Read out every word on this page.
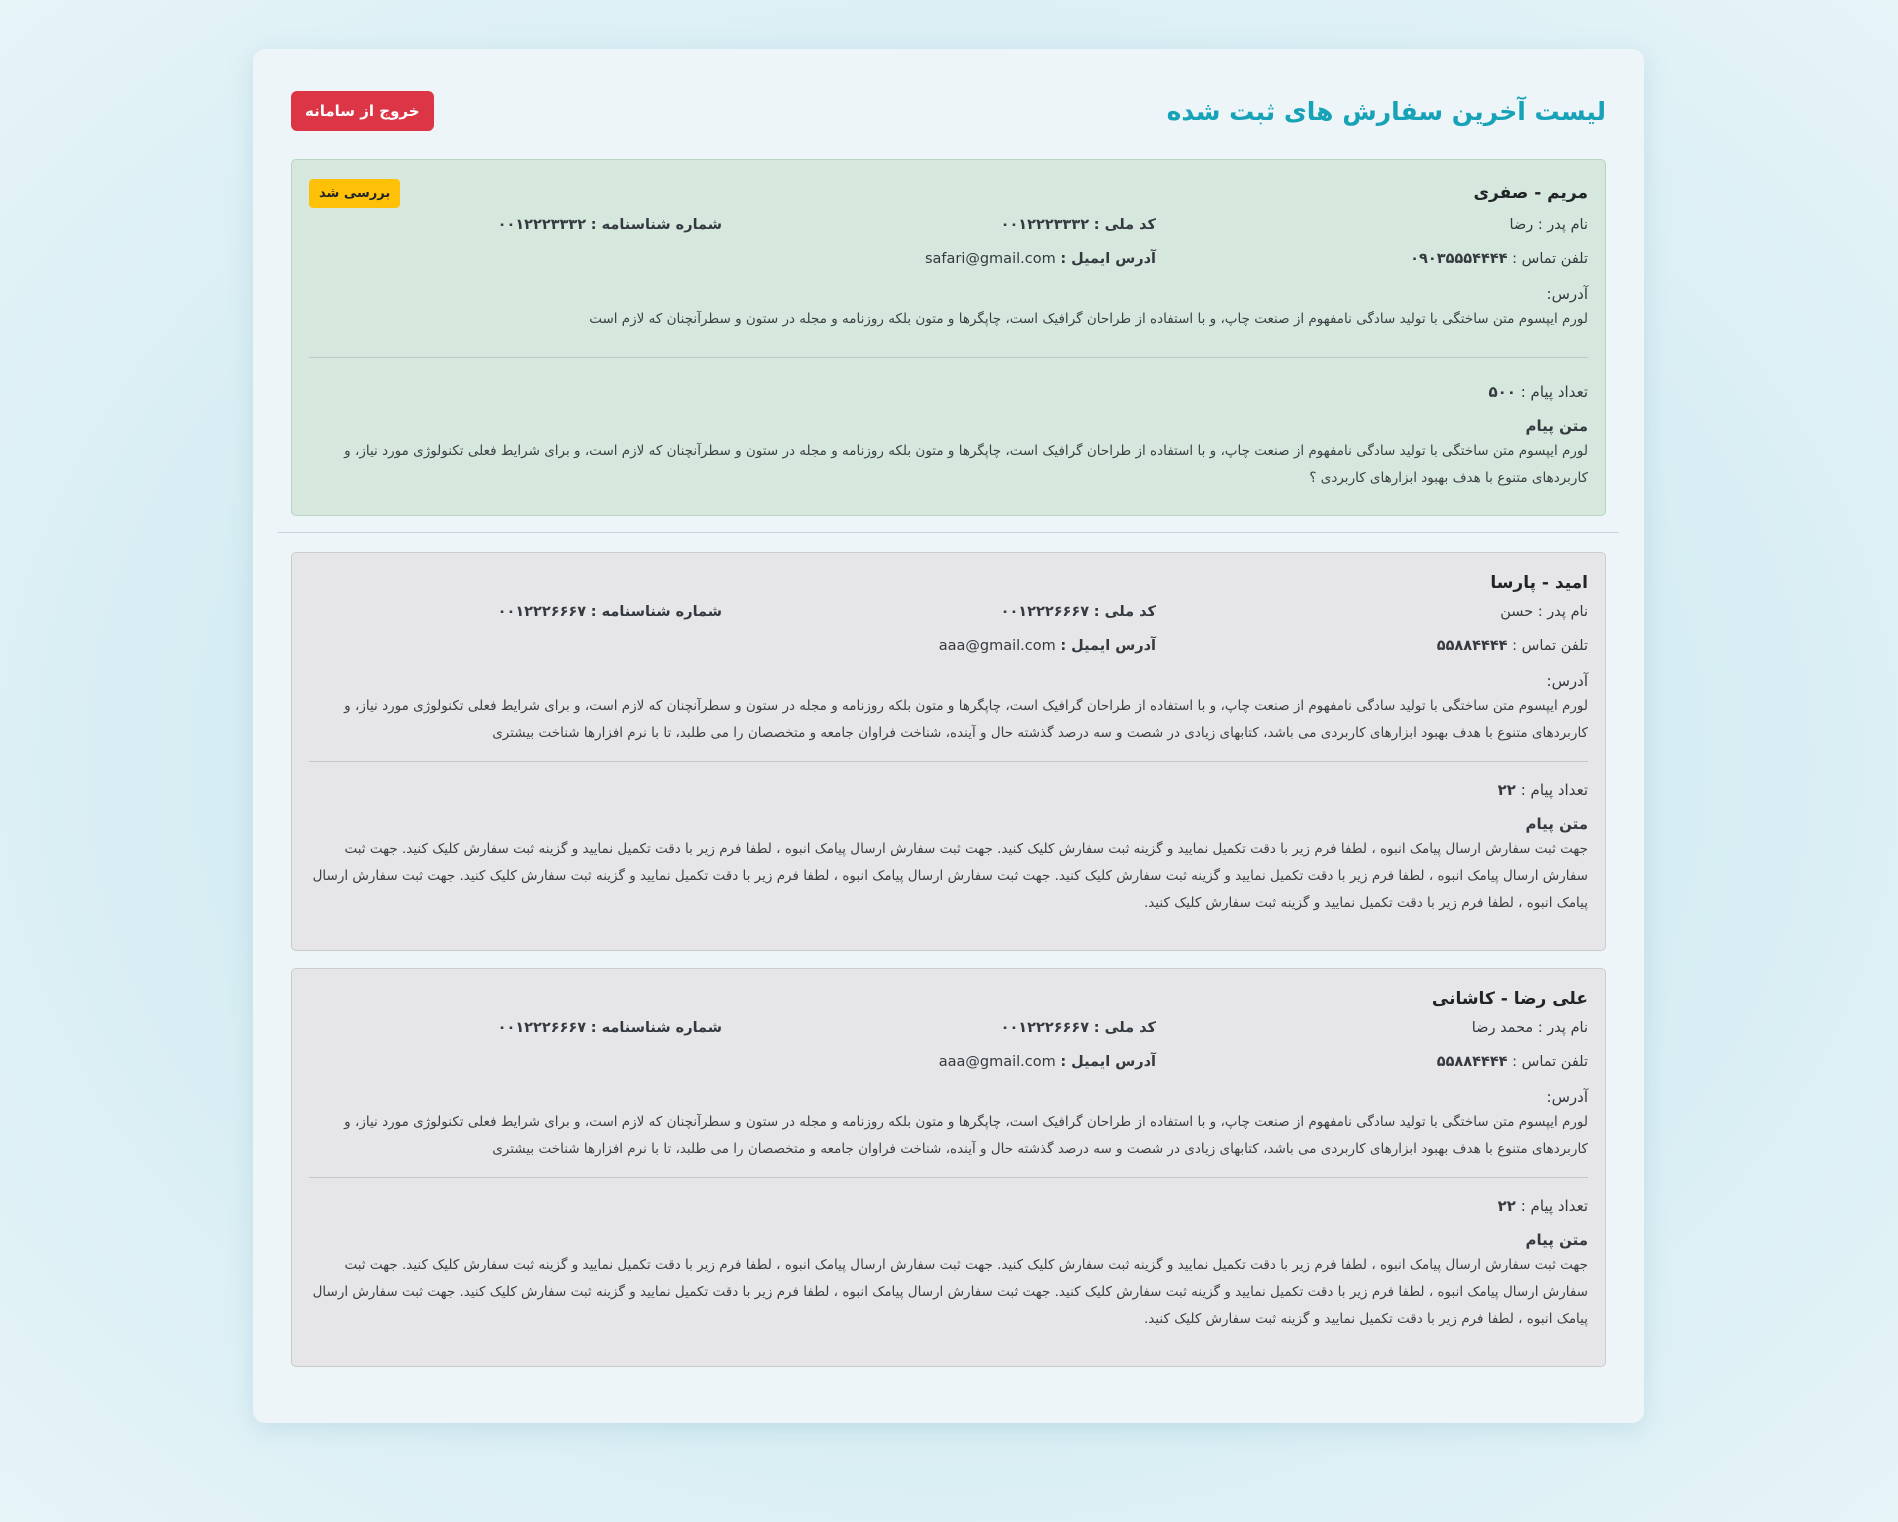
لیست آخرین سفارش های ثبت شده
خروج از سامانه
مریم - صفری
بررسی شد
نام پدر : رضا
کد ملی : ۰۰۱۲۲۲۳۳۳۲
شماره شناسنامه : ۰۰۱۲۲۲۳۳۳۲
تلفن تماس : ۰۹۰۳۵۵۵۴۴۴۴
آدرس ایمیل : safari@gmail.com
آدرس:

لورم ایپسوم متن ساختگی با تولید سادگی نامفهوم از صنعت چاپ، و با استفاده از طراحان گرافیک است، چاپگرها و متون بلکه روزنامه و مجله در ستون و سطرآنچنان که لازم است

تعداد پیام : ۵۰۰
متن پیام

لورم ایپسوم متن ساختگی با تولید سادگی نامفهوم از صنعت چاپ، و با استفاده از طراحان گرافیک است، چاپگرها و متون بلکه روزنامه و مجله در ستون و سطرآنچنان که لازم است، و برای شرایط فعلی تکنولوژی مورد نیاز، و کاربردهای متنوع با هدف بهبود ابزارهای کاربردی ؟

امید - پارسا
نام پدر : حسن
کد ملی : ۰۰۱۲۲۲۶۶۶۷
شماره شناسنامه : ۰۰۱۲۲۲۶۶۶۷
تلفن تماس : ۵۵۸۸۴۴۴۴
آدرس ایمیل : aaa@gmail.com
آدرس:

لورم ایپسوم متن ساختگی با تولید سادگی نامفهوم از صنعت چاپ، و با استفاده از طراحان گرافیک است، چاپگرها و متون بلکه روزنامه و مجله در ستون و سطرآنچنان که لازم است، و برای شرایط فعلی تکنولوژی مورد نیاز، و کاربردهای متنوع با هدف بهبود ابزارهای کاربردی می باشد، کتابهای زیادی در شصت و سه درصد گذشته حال و آینده، شناخت فراوان جامعه و متخصصان را می طلبد، تا با نرم افزارها شناخت بیشتری

تعداد پیام : ۲۲
متن پیام

جهت ثبت سفارش ارسال پیامک انبوه ، لطفا فرم زیر با دقت تکمیل نمایید و گزینه ثبت سفارش کلیک کنید. جهت ثبت سفارش ارسال پیامک انبوه ، لطفا فرم زیر با دقت تکمیل نمایید و گزینه ثبت سفارش کلیک کنید. جهت ثبت سفارش ارسال پیامک انبوه ، لطفا فرم زیر با دقت تکمیل نمایید و گزینه ثبت سفارش کلیک کنید. جهت ثبت سفارش ارسال پیامک انبوه ، لطفا فرم زیر با دقت تکمیل نمایید و گزینه ثبت سفارش کلیک کنید. جهت ثبت سفارش ارسال پیامک انبوه ، لطفا فرم زیر با دقت تکمیل نمایید و گزینه ثبت سفارش کلیک کنید.

علی رضا - کاشانی
نام پدر : محمد رضا
کد ملی : ۰۰۱۲۲۲۶۶۶۷
شماره شناسنامه : ۰۰۱۲۲۲۶۶۶۷
تلفن تماس : ۵۵۸۸۴۴۴۴
آدرس ایمیل : aaa@gmail.com
آدرس:

لورم ایپسوم متن ساختگی با تولید سادگی نامفهوم از صنعت چاپ، و با استفاده از طراحان گرافیک است، چاپگرها و متون بلکه روزنامه و مجله در ستون و سطرآنچنان که لازم است، و برای شرایط فعلی تکنولوژی مورد نیاز، و کاربردهای متنوع با هدف بهبود ابزارهای کاربردی می باشد، کتابهای زیادی در شصت و سه درصد گذشته حال و آینده، شناخت فراوان جامعه و متخصصان را می طلبد، تا با نرم افزارها شناخت بیشتری

تعداد پیام : ۲۲
متن پیام

جهت ثبت سفارش ارسال پیامک انبوه ، لطفا فرم زیر با دقت تکمیل نمایید و گزینه ثبت سفارش کلیک کنید. جهت ثبت سفارش ارسال پیامک انبوه ، لطفا فرم زیر با دقت تکمیل نمایید و گزینه ثبت سفارش کلیک کنید. جهت ثبت سفارش ارسال پیامک انبوه ، لطفا فرم زیر با دقت تکمیل نمایید و گزینه ثبت سفارش کلیک کنید. جهت ثبت سفارش ارسال پیامک انبوه ، لطفا فرم زیر با دقت تکمیل نمایید و گزینه ثبت سفارش کلیک کنید. جهت ثبت سفارش ارسال پیامک انبوه ، لطفا فرم زیر با دقت تکمیل نمایید و گزینه ثبت سفارش کلیک کنید.
